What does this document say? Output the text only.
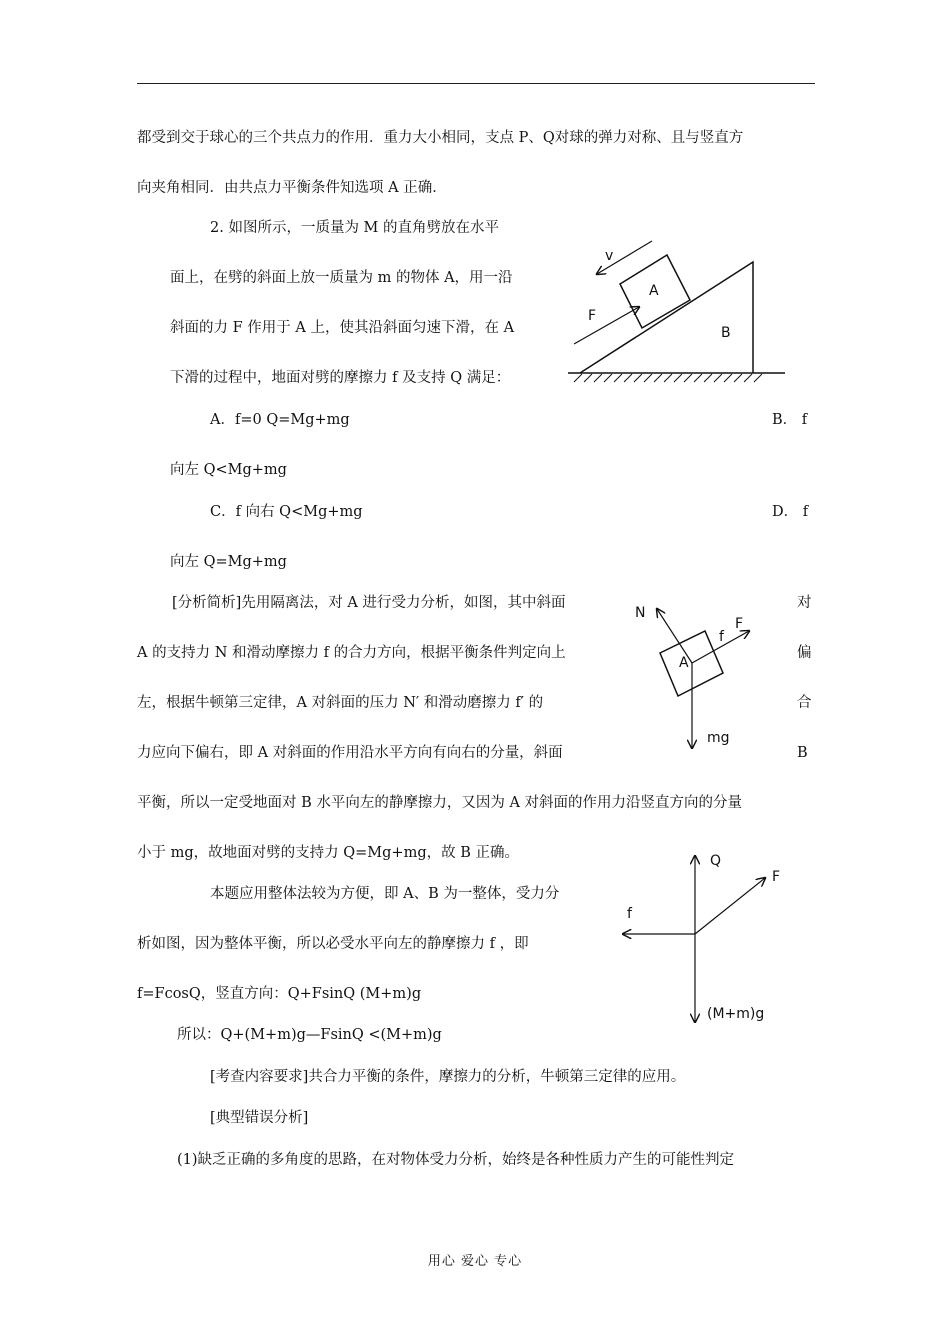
都受到交于球心的三个共点力的作用．重力大小相同，支点 P、Q对球的弹力对称、且与竖直方
向夹角相同．由共点力平衡条件知选项 A 正确．
2. 如图所示，一质量为 M 的直角劈放在水平
面上，在劈的斜面上放一质量为 m 的物体 A，用一沿
斜面的力 F 作用于 A 上，使其沿斜面匀速下滑，在 A
下滑的过程中，地面对劈的摩擦力 f 及支持 Q 满足：
A．f=0 Q=Mg+mg	B． f
向左 Q<Mg+mg
C．f 向右 Q<Mg+mg	D． f
向左 Q=Mg+mg
[分析简析]先用隔离法，对 A 进行受力分析，如图，其中斜面
A 的支持力 N 和滑动摩擦力 f 的合力方向，根据平衡条件判定向上
左，根据牛顿第三定律，A 对斜面的压力 N′ 和滑动磨擦力 f′ 的
力应向下偏右，即 A 对斜面的作用沿水平方向有向右的分量，斜面
对
偏
合
B
平衡，所以一定受地面对 B 水平向左的静摩擦力，又因为 A 对斜面的作用力沿竖直方向的分量
小于 mg，故地面对劈的支持力 Q=Mg+mg，故 B 正确。
本题应用整体法较为方便，即 A、B 为一整体，受力分
析如图，因为整体平衡，所以必受水平向左的静摩擦力 f ，即
f=FcosQ，竖直方向：Q+FsinQ (M+m)g
所以：Q+(M+m)g—FsinQ <(M+m)g
[考查内容要求]共合力平衡的条件，摩擦力的分析，牛顿第三定律的应用。
[典型错误分析]
(1)缺乏正确的多角度的思路，在对物体受力分析，始终是各种性质力产生的可能性判定
v
A
F
B
N
F
f
A
mg
Q
F
f
(M+m)g
用心 爱心 专心
